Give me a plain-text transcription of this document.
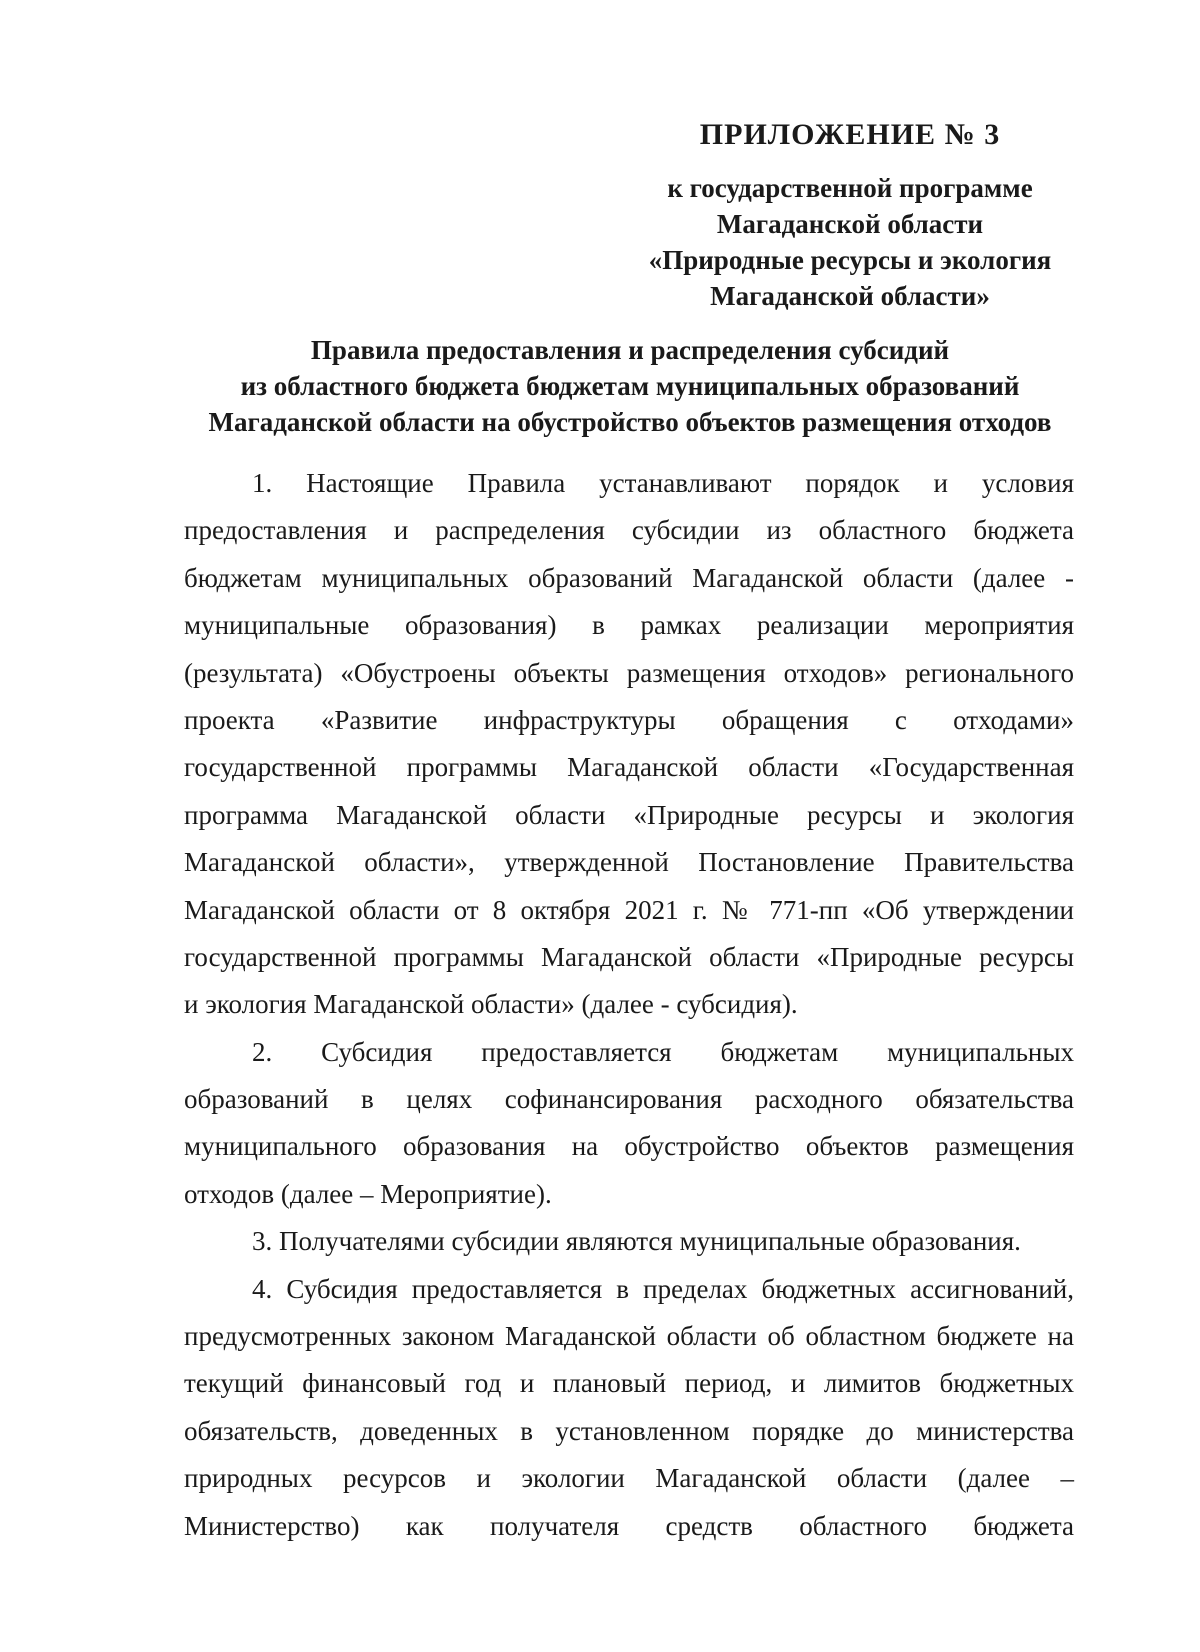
ПРИЛОЖЕНИЕ № 3
к государственной программе
Магаданской области
«Природные ресурсы и экология
Магаданской области»
Правила предоставления и распределения субсидий
из областного бюджета бюджетам муниципальных образований
Магаданской области на обустройство объектов размещения отходов
1. Настоящие Правила устанавливают порядок и условия
предоставления и распределения субсидии из областного бюджета
бюджетам муниципальных образований Магаданской области (далее -
муниципальные образования) в рамках реализации мероприятия
(результата) «Обустроены объекты размещения отходов» регионального
проекта «Развитие инфраструктуры обращения с отходами»
государственной программы Магаданской области «Государственная
программа Магаданской области «Природные ресурсы и экология
Магаданской области», утвержденной Постановление Правительства
Магаданской области от 8 октября 2021 г. № 771-пп «Об утверждении
государственной программы Магаданской области «Природные ресурсы
и экология Магаданской области» (далее - субсидия).
2. Субсидия предоставляется бюджетам муниципальных
образований в целях софинансирования расходного обязательства
муниципального образования на обустройство объектов размещения
отходов (далее – Мероприятие).
3. Получателями субсидии являются муниципальные образования.
4. Субсидия предоставляется в пределах бюджетных ассигнований,
предусмотренных законом Магаданской области об областном бюджете на
текущий финансовый год и плановый период, и лимитов бюджетных
обязательств, доведенных в установленном порядке до министерства
природных ресурсов и экологии Магаданской области (далее –
Министерство) как получателя средств областного бюджета
